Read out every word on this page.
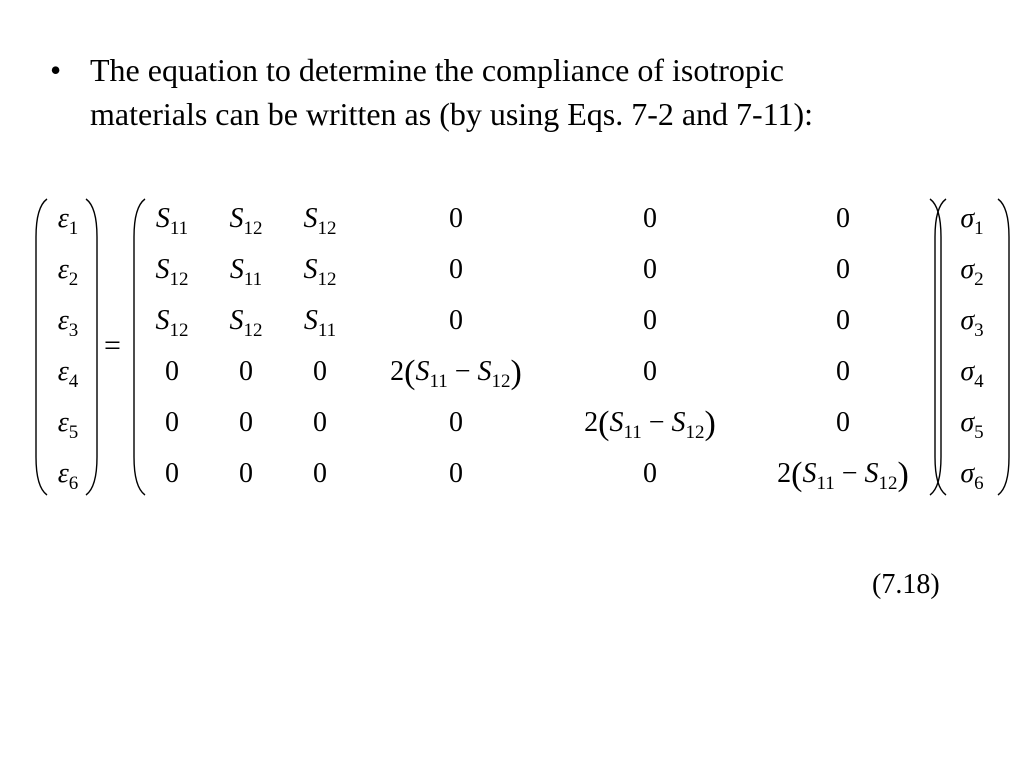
• The equation to determine the compliance of isotropic
materials can be written as (by using Eqs. 7-2 and 7-11):
=
(7.18)
$\varepsilon_1$
$\varepsilon_2$
$\varepsilon_3$
$\varepsilon_4$
$\varepsilon_5$
$\varepsilon_6$
$\sigma_1$
$\sigma_2$
$\sigma_3$
$\sigma_4$
$\sigma_5$
$\sigma_6$
$S_{11}$	$S_{12}$	$S_{12}$	0	0	0
$S_{12}$	$S_{11}$	$S_{12}$	0	0	0
$S_{12}$	$S_{12}$	$S_{11}$	0	0	0
0	0	0	$2(S_{11} - S_{12})$	0	0
0	0	0	0	$2(S_{11} - S_{12})$	0
0	0	0	0	0	$2(S_{11} - S_{12})$
